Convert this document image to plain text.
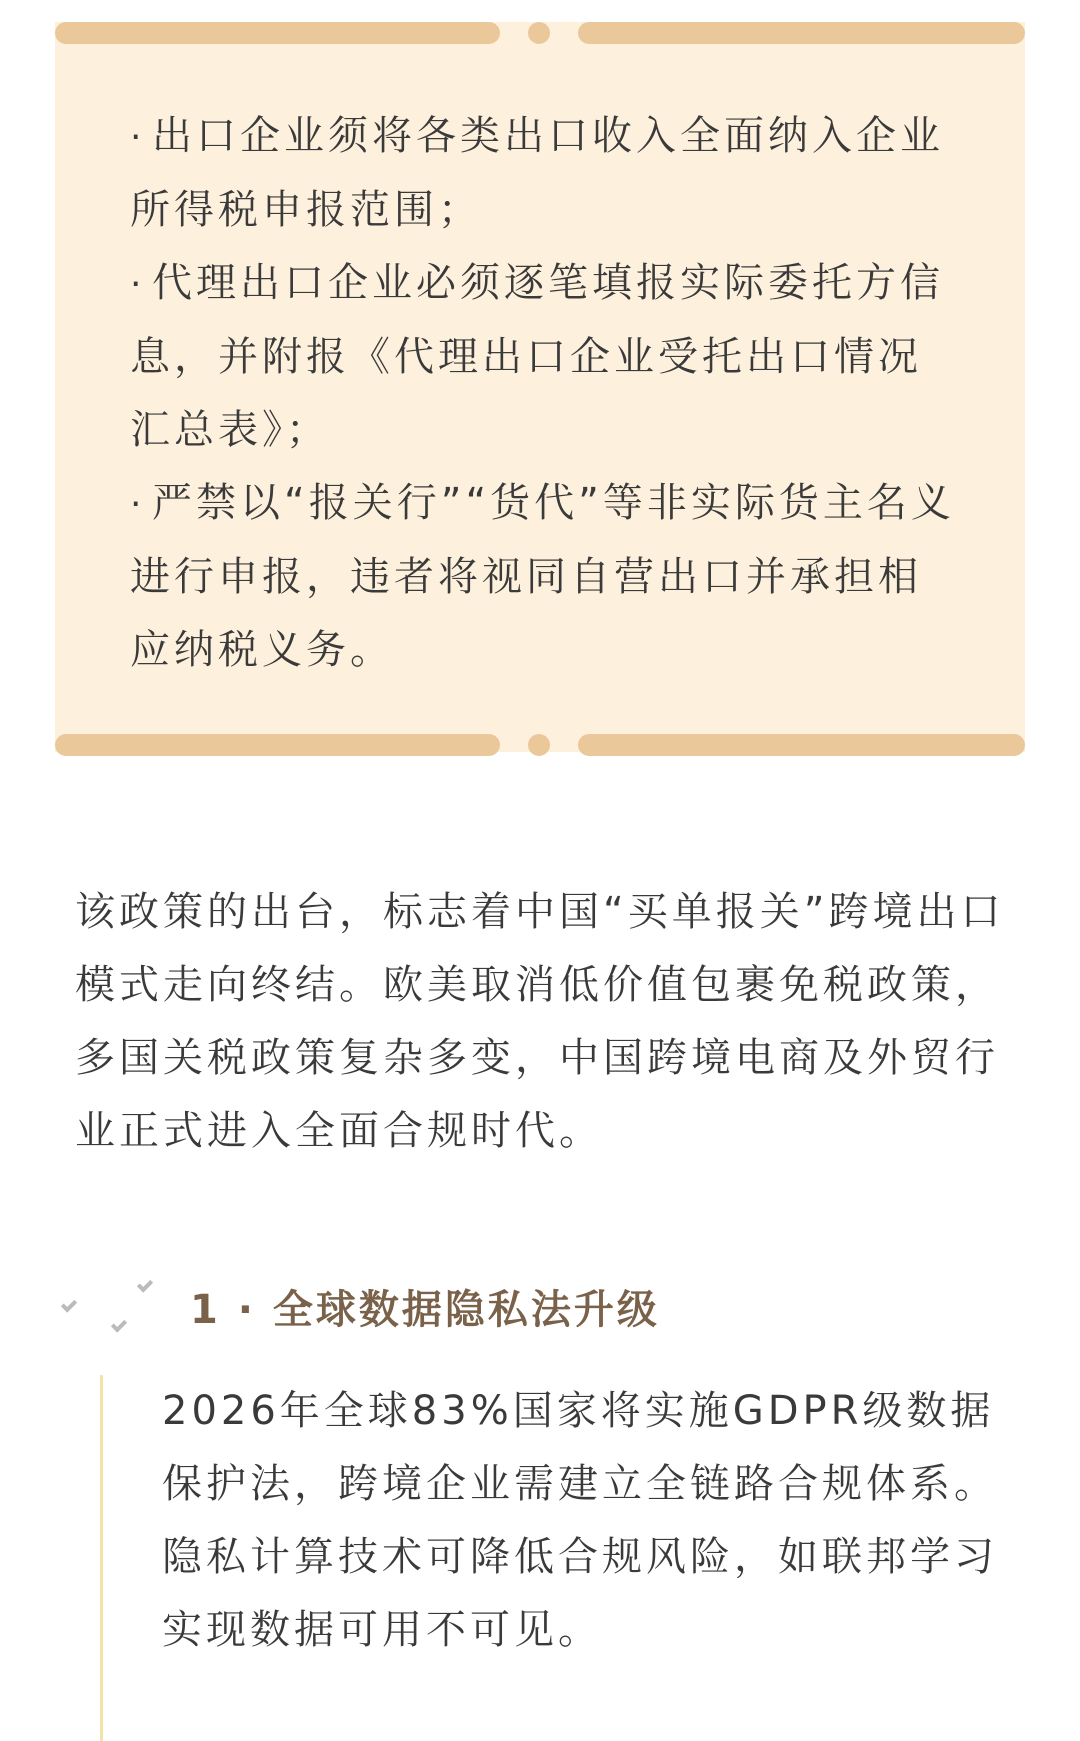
· 出口企业须将各类出口收入全面纳入企业所得税申报范围；
· 代理出口企业必须逐笔填报实际委托方信息，并附报《代理出口企业受托出口情况汇总表》；
· 严禁以“报关行”“货代”等非实际货主名义进行申报，违者将视同自营出口并承担相应纳税义务。

该政策的出台，标志着中国“买单报关”跨境出口模式走向终结。欧美取消低价值包裹免税政策，多国关税政策复杂多变，中国跨境电商及外贸行业正式进入全面合规时代。

1 · 全球数据隐私法升级

2026年全球83%国家将实施GDPR级数据保护法，跨境企业需建立全链路合规体系。隐私计算技术可降低合规风险，如联邦学习实现数据可用不可见。
